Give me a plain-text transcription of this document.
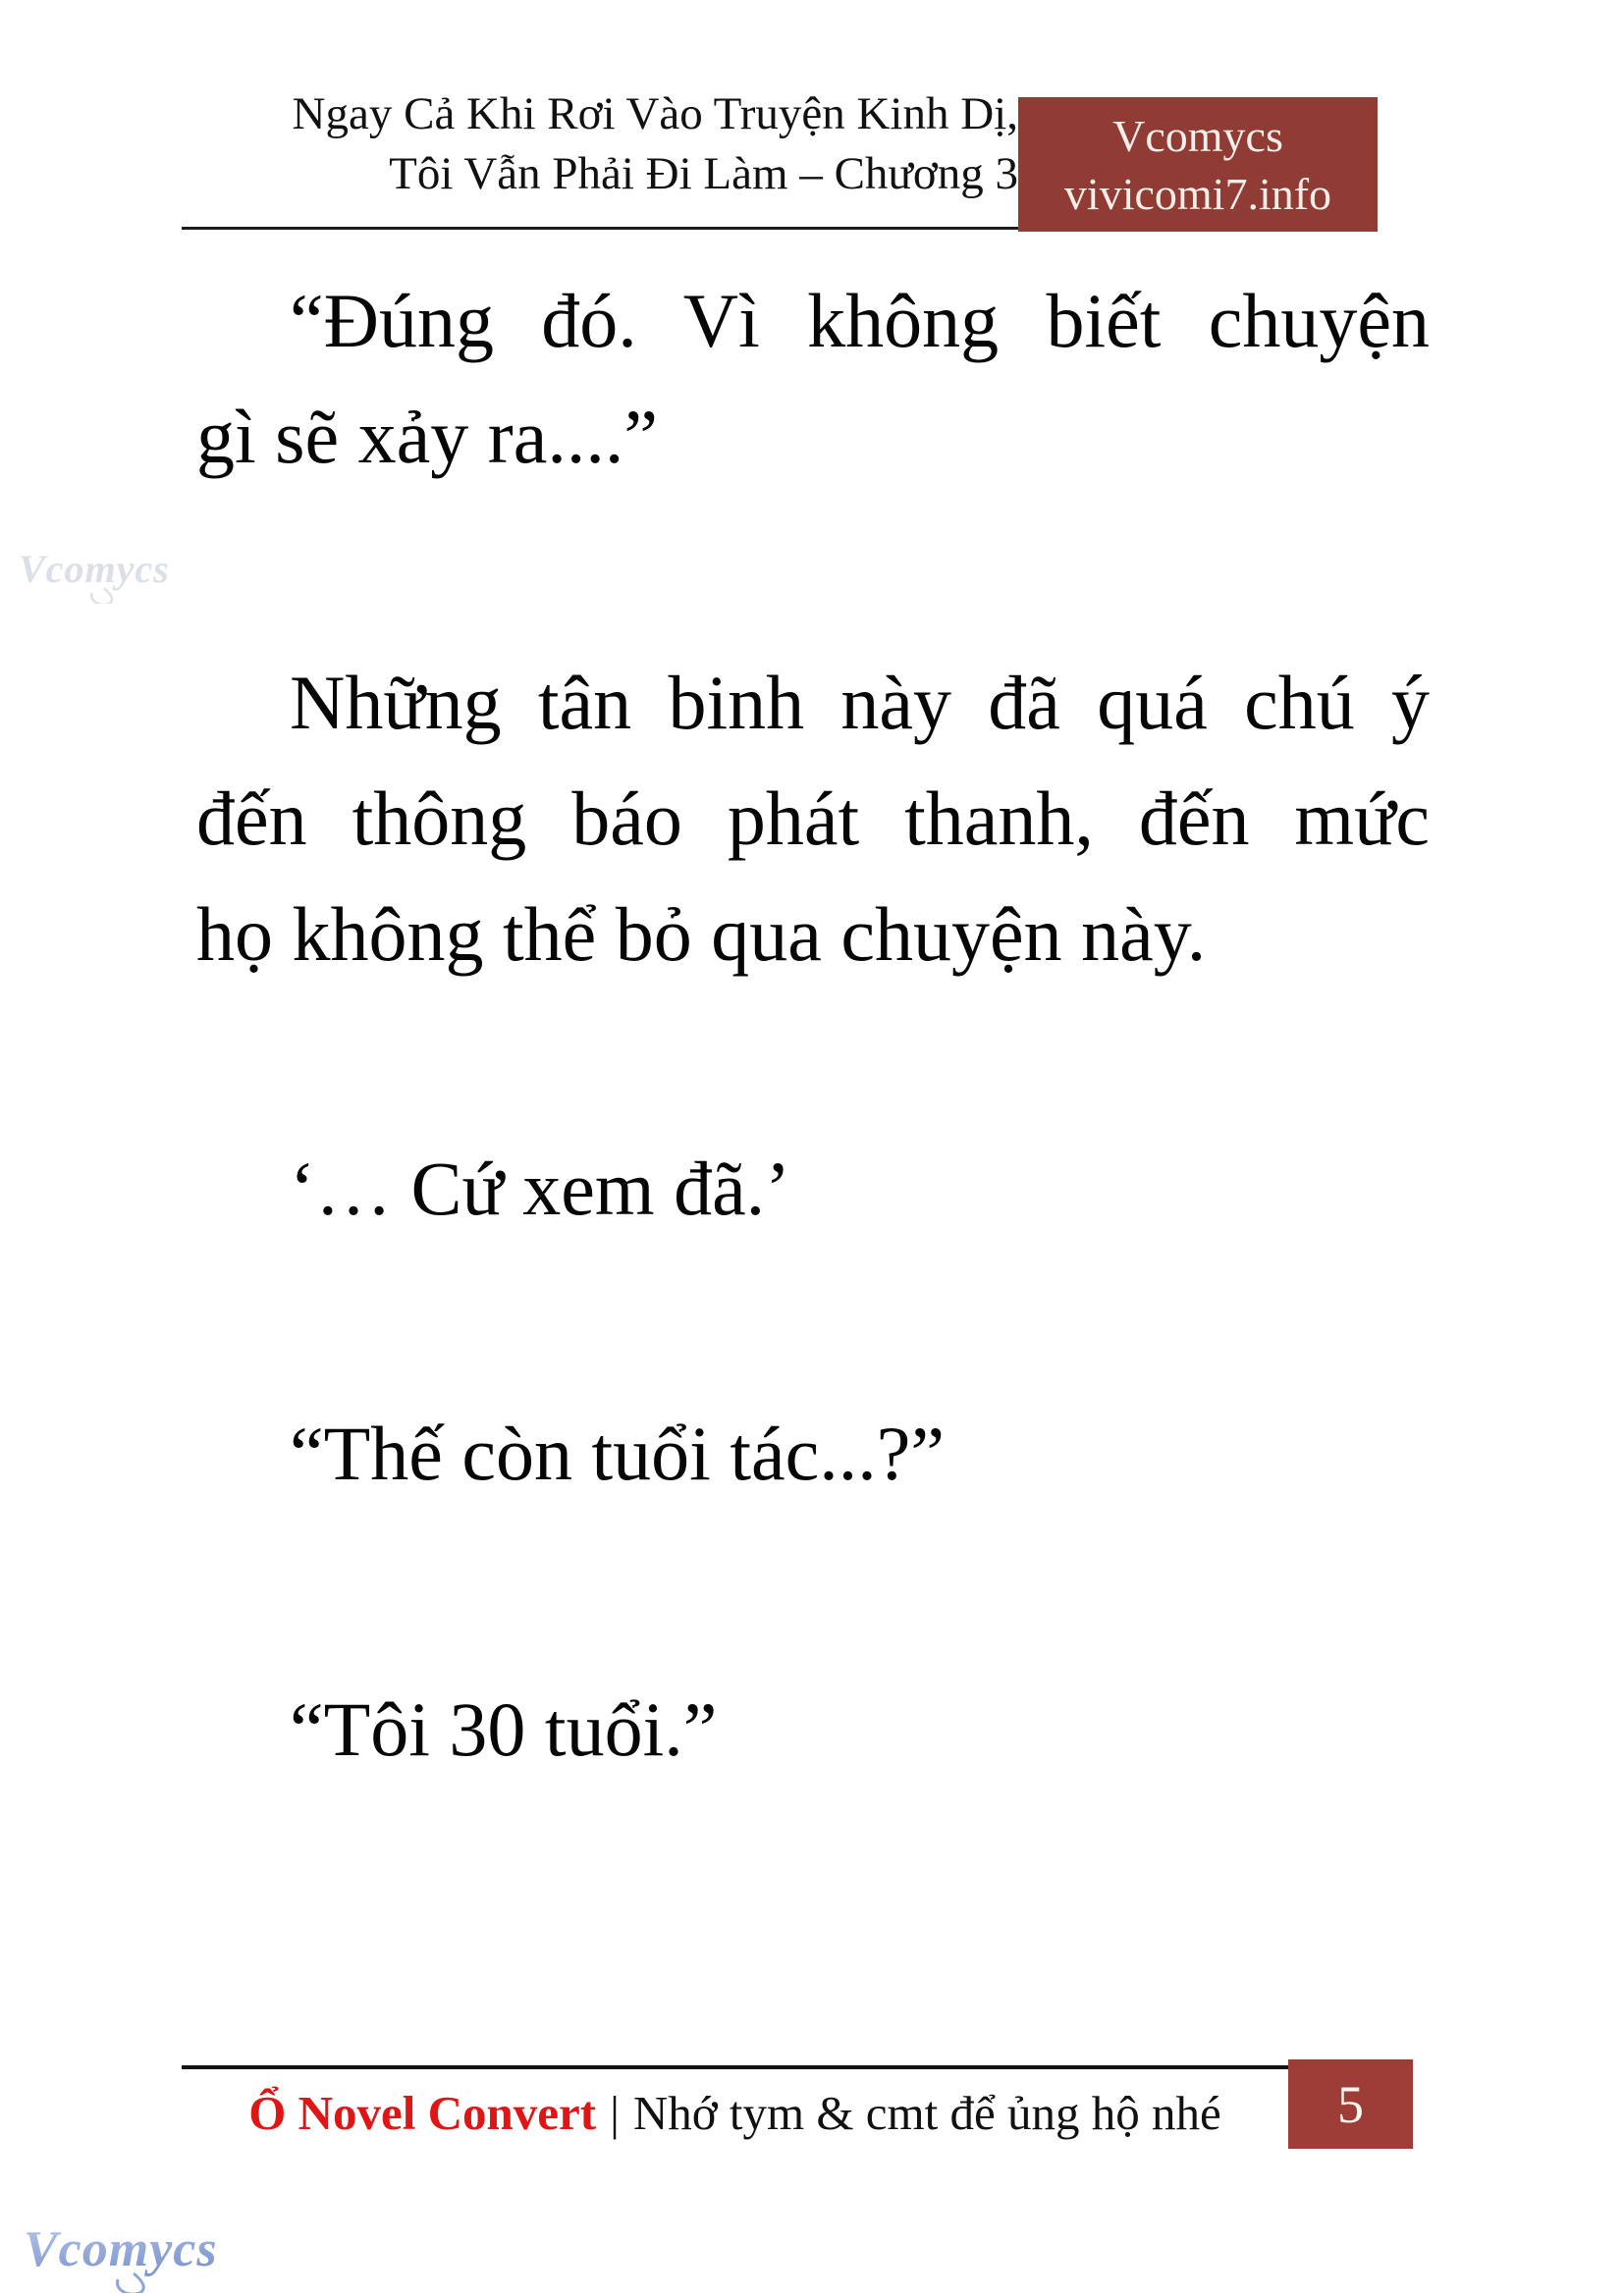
Ngay Cả Khi Rơi Vào Truyện Kinh Dị,
Tôi Vẫn Phải Đi Làm – Chương 3
Vcomycs
vivicomi7.info
“Đúng đó. Vì không biết chuyện
gì sẽ xảy ra....”
Những tân binh này đã quá chú ý
đến thông báo phát thanh, đến mức
họ không thể bỏ qua chuyện này.
‘… Cứ xem đã.’
“Thế còn tuổi tác...?”
“Tôi 30 tuổi.”
Vcomycs
Ổ Novel Convert | Nhớ tym & cmt để ủng hộ nhé	5
Vcomycs
